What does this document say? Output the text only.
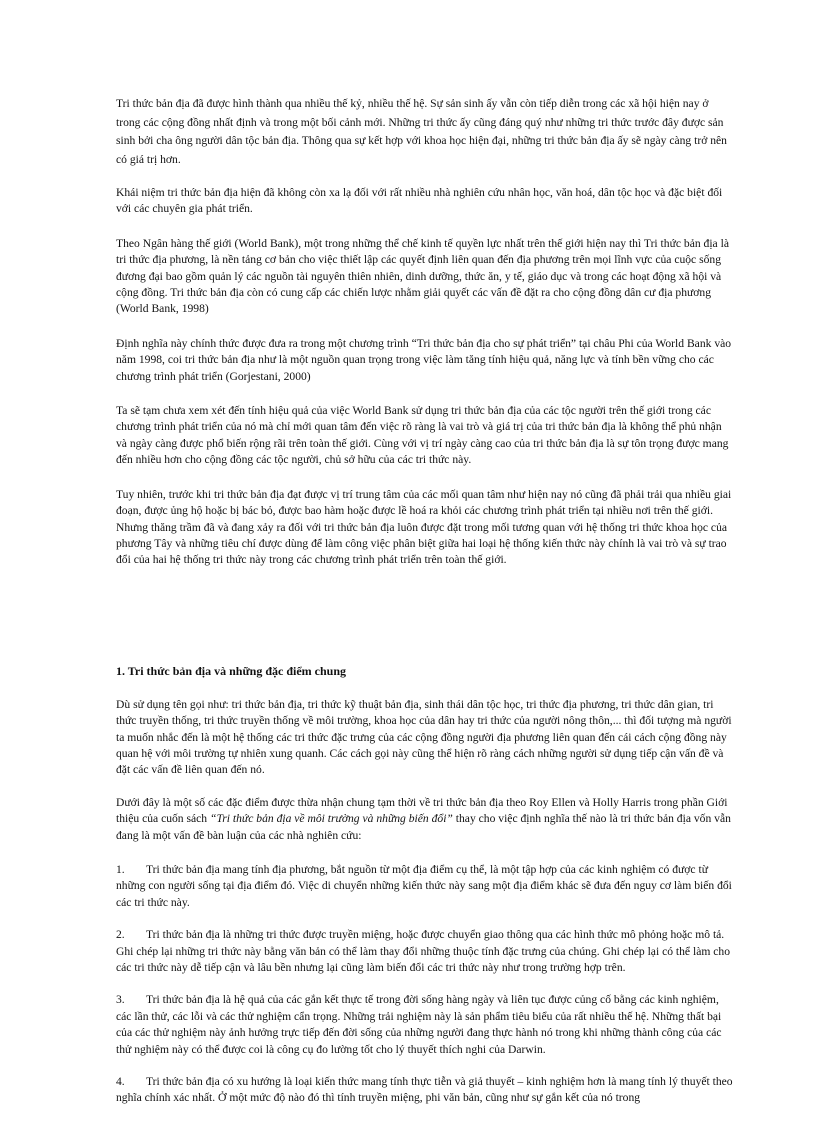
Tri thức bản địa đã được hình thành qua nhiều thế kỷ, nhiều thế hệ. Sự sản sinh ấy vẫn còn tiếp diễn trong các xã hội hiện nay ở trong các cộng đồng nhất định và trong một bối cảnh mới. Những tri thức ấy cũng đáng quý như những tri thức trước đây được sản sinh bởi cha ông người dân tộc bản địa. Thông qua sự kết hợp với khoa học hiện đại, những tri thức bản địa ấy sẽ ngày càng trở nên có giá trị hơn.

Khái niệm tri thức bản địa hiện đã không còn xa lạ đối với rất nhiều nhà nghiên cứu nhân học, văn hoá, dân tộc học và đặc biệt đối với các chuyên gia phát triển.

Theo Ngân hàng thế giới (World Bank), một trong những thể chế kinh tế quyền lực nhất trên thế giới hiện nay thì Tri thức bản địa là tri thức địa phương, là nền tảng cơ bản cho việc thiết lập các quyết định liên quan đến địa phương trên mọi lĩnh vực của cuộc sống đương đại bao gồm quản lý các nguồn tài nguyên thiên nhiên, dinh dưỡng, thức ăn, y tế, giáo dục và trong các hoạt động xã hội và cộng đồng. Tri thức bản địa còn có cung cấp các chiến lược nhằm giải quyết các vấn đề đặt ra cho cộng đồng dân cư địa phương (World Bank, 1998)

Định nghĩa này chính thức được đưa ra trong một chương trình “Tri thức bản địa cho sự phát triển” tại châu Phi của World Bank vào năm 1998, coi tri thức bản địa như là một nguồn quan trọng trong việc làm tăng tính hiệu quả, năng lực và tính bền vững cho các chương trình phát triển (Gorjestani, 2000)

Ta sẽ tạm chưa xem xét đến tính hiệu quả của việc World Bank sử dụng tri thức bản địa của các tộc người trên thế giới trong các chương trình phát triển của nó mà chỉ mới quan tâm đến việc rõ ràng là vai trò và giá trị của tri thức bản địa là không thể phủ nhận và ngày càng được phổ biến rộng rãi trên toàn thế giới. Cùng với vị trí ngày càng cao của tri thức bản địa là sự tôn trọng được mang đến nhiều hơn cho cộng đồng các tộc người, chủ sở hữu của các tri thức này.

Tuy nhiên, trước khi tri thức bản địa đạt được vị trí trung tâm của các mối quan tâm như hiện nay nó cũng đã phải trải qua nhiều giai đoạn, được ủng hộ hoặc bị bác bỏ, được bao hàm hoặc được lề hoá ra khỏi các chương trình phát triển tại nhiều nơi trên thế giới. Nhưng thăng trầm đã và đang xảy ra đối với tri thức bản địa luôn được đặt trong mối tương quan với hệ thống tri thức khoa học của phương Tây và những tiêu chí được dùng để làm công việc phân biệt giữa hai loại hệ thống kiến thức này chính là vai trò và sự trao đổi của hai hệ thống tri thức này trong các chương trình phát triển trên toàn thế giới.

1. Tri thức bản địa và những đặc điểm chung

Dù sử dụng tên gọi như: tri thức bản địa, tri thức kỹ thuật bản địa, sinh thái dân tộc học, tri thức địa phương, tri thức dân gian, tri thức truyền thống, tri thức truyền thống về môi trường, khoa học của dân hay tri thức của người nông thôn,... thì đối tượng mà người ta muốn nhắc đến là một hệ thống các tri thức đặc trưng của các cộng đồng người địa phương liên quan đến cái cách cộng đồng này quan hệ với môi trường tự nhiên xung quanh. Các cách gọi này cũng thể hiện rõ ràng cách những người sử dụng tiếp cận vấn đề và đặt các vấn đề liên quan đến nó.

Dưới đây là một số các đặc điểm được thừa nhận chung tạm thời về tri thức bản địa theo Roy Ellen và Holly Harris trong phần Giới thiệu của cuốn sách “Tri thức bản địa về môi trường và những biến đổi” thay cho việc định nghĩa thế nào là tri thức bản địa vốn vẫn đang là một vấn đề bàn luận của các nhà nghiên cứu:

1. Tri thức bản địa mang tính địa phương, bắt nguồn từ một địa điểm cụ thể, là một tập hợp của các kinh nghiệm có được từ những con người sống tại địa điểm đó. Việc di chuyển những kiến thức này sang một địa điểm khác sẽ đưa đến nguy cơ làm biến đổi các tri thức này.

2. Tri thức bản địa là những tri thức được truyền miệng, hoặc được chuyển giao thông qua các hình thức mô phỏng hoặc mô tả. Ghi chép lại những tri thức này bằng văn bản có thể làm thay đổi những thuộc tính đặc trưng của chúng. Ghi chép lại có thể làm cho các tri thức này dễ tiếp cận và lâu bền nhưng lại cũng làm biến đổi các tri thức này như trong trường hợp trên.

3. Tri thức bản địa là hệ quả của các gắn kết thực tế trong đời sống hàng ngày và liên tục được củng cố bằng các kinh nghiệm, các lần thử, các lỗi và các thử nghiệm cẩn trọng. Những trải nghiệm này là sản phẩm tiêu biểu của rất nhiều thế hệ. Những thất bại của các thử nghiệm này ảnh hưởng trực tiếp đến đời sống của những người đang thực hành nó trong khi những thành công của các thử nghiệm này có thể được coi là công cụ đo lường tốt cho lý thuyết thích nghi của Darwin.

4. Tri thức bản địa có xu hướng là loại kiến thức mang tính thực tiễn và giả thuyết – kinh nghiệm hơn là mang tính lý thuyết theo nghĩa chính xác nhất. Ở một mức độ nào đó thì tính truyền miệng, phi văn bản, cũng như sự gắn kết của nó trong
